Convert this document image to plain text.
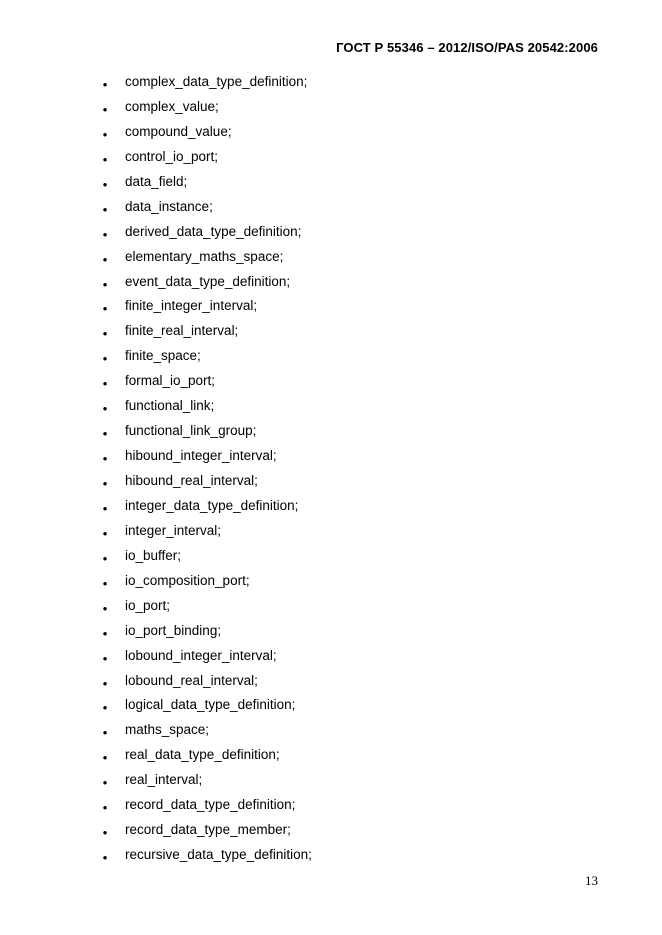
ГОСТ Р 55346 – 2012/ISO/PAS 20542:2006
•	complex_data_type_definition;
•	complex_value;
•	compound_value;
•	control_io_port;
•	data_field;
•	data_instance;
•	derived_data_type_definition;
•	elementary_maths_space;
•	event_data_type_definition;
•	finite_integer_interval;
•	finite_real_interval;
•	finite_space;
•	formal_io_port;
•	functional_link;
•	functional_link_group;
•	hibound_integer_interval;
•	hibound_real_interval;
•	integer_data_type_definition;
•	integer_interval;
•	io_buffer;
•	io_composition_port;
•	io_port;
•	io_port_binding;
•	lobound_integer_interval;
•	lobound_real_interval;
•	logical_data_type_definition;
•	maths_space;
•	real_data_type_definition;
•	real_interval;
•	record_data_type_definition;
•	record_data_type_member;
•	recursive_data_type_definition;
13
